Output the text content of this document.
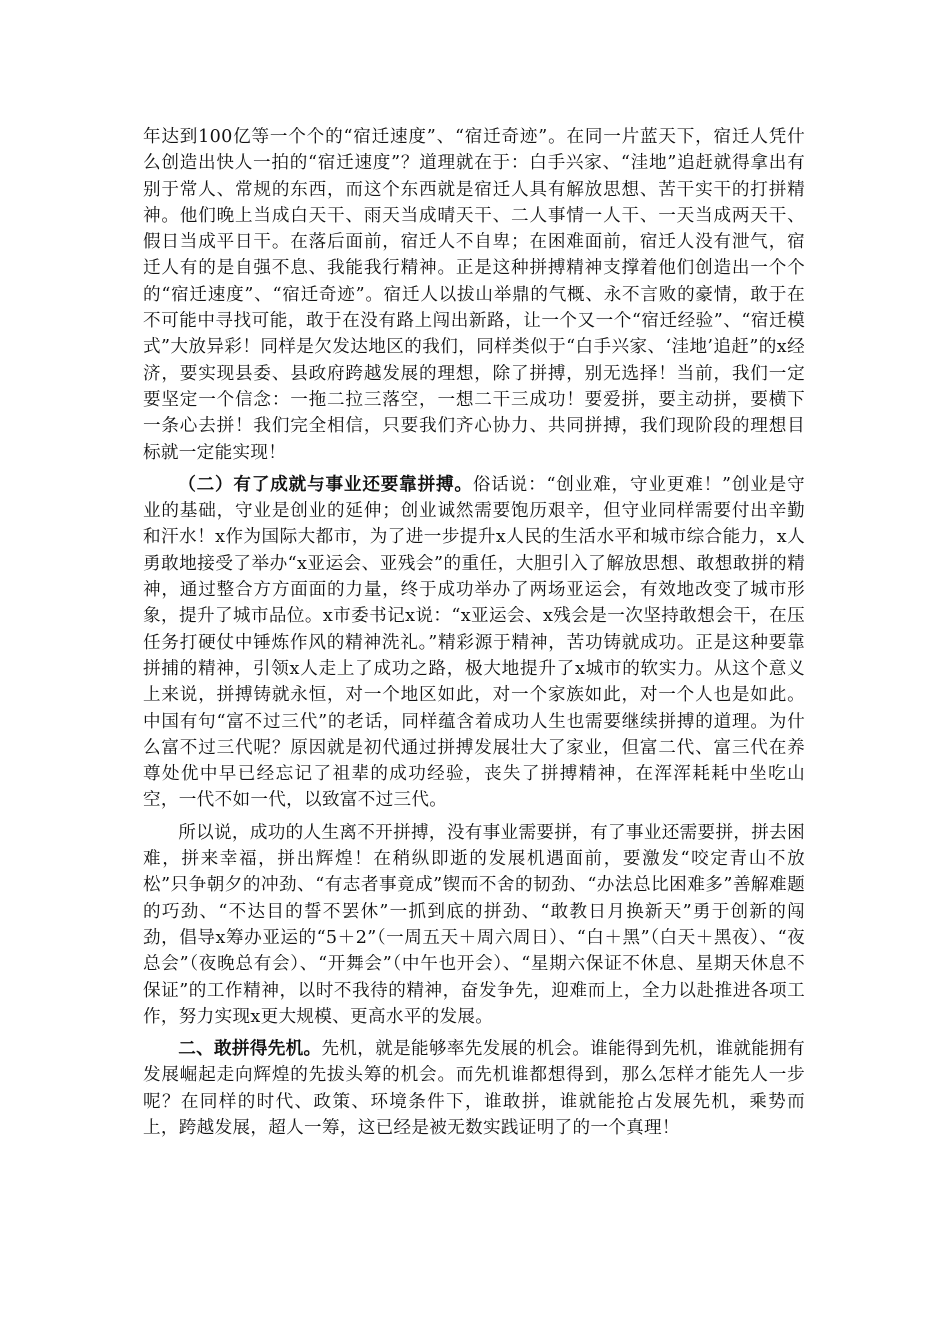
年达到100亿等一个个的“宿迁速度”、“宿迁奇迹”。在同一片蓝天下，宿迁人凭什么创造出快人一拍的“宿迁速度”？道理就在于：白手兴家、“洼地”追赶就得拿出有别于常人、常规的东西，而这个东西就是宿迁人具有解放思想、苦干实干的打拼精神。他们晚上当成白天干、雨天当成晴天干、二人事情一人干、一天当成两天干、假日当成平日干。在落后面前，宿迁人不自卑；在困难面前，宿迁人没有泄气，宿迁人有的是自强不息、我能我行精神。正是这种拼搏精神支撑着他们创造出一个个的“宿迁速度”、“宿迁奇迹”。宿迁人以拔山举鼎的气概、永不言败的豪情，敢于在不可能中寻找可能，敢于在没有路上闯出新路，让一个又一个“宿迁经验”、“宿迁模式”大放异彩！同样是欠发达地区的我们，同样类似于“白手兴家、‘洼地’追赶”的x经济，要实现县委、县政府跨越发展的理想，除了拼搏，别无选择！当前，我们一定要坚定一个信念：一拖二拉三落空，一想二干三成功！要爱拼，要主动拼，要横下一条心去拼！我们完全相信，只要我们齐心协力、共同拼搏，我们现阶段的理想目标就一定能实现！

（二）有了成就与事业还要靠拼搏。俗话说：“创业难，守业更难！”创业是守业的基础，守业是创业的延伸；创业诚然需要饱历艰辛，但守业同样需要付出辛勤和汗水！x作为国际大都市，为了进一步提升x人民的生活水平和城市综合能力，x人勇敢地接受了举办“x亚运会、亚残会”的重任，大胆引入了解放思想、敢想敢拼的精神，通过整合方方面面的力量，终于成功举办了两场亚运会，有效地改变了城市形象，提升了城市品位。x市委书记x说：“x亚运会、x残会是一次坚持敢想会干，在压任务打硬仗中锤炼作风的精神洗礼。”精彩源于精神，苦功铸就成功。正是这种要靠拼捕的精神，引领x人走上了成功之路，极大地提升了x城市的软实力。从这个意义上来说，拼搏铸就永恒，对一个地区如此，对一个家族如此，对一个人也是如此。中国有句“富不过三代”的老话，同样蕴含着成功人生也需要继续拼搏的道理。为什么富不过三代呢？原因就是初代通过拼搏发展壮大了家业，但富二代、富三代在养尊处优中早已经忘记了祖辈的成功经验，丧失了拼搏精神，在浑浑耗耗中坐吃山空，一代不如一代，以致富不过三代。

所以说，成功的人生离不开拼搏，没有事业需要拼，有了事业还需要拼，拼去困难，拼来幸福，拼出辉煌！在稍纵即逝的发展机遇面前，要激发“咬定青山不放松”只争朝夕的冲劲、“有志者事竟成”锲而不舍的韧劲、“办法总比困难多”善解难题的巧劲、“不达目的誓不罢休”一抓到底的拼劲、“敢教日月换新天”勇于创新的闯劲，倡导x筹办亚运的“5＋2”（一周五天＋周六周日）、“白＋黑”（白天＋黑夜）、“夜总会”（夜晚总有会）、“开舞会”（中午也开会）、“星期六保证不休息、星期天休息不保证”的工作精神，以时不我待的精神，奋发争先，迎难而上，全力以赴推进各项工作，努力实现x更大规模、更高水平的发展。

二、敢拼得先机。先机，就是能够率先发展的机会。谁能得到先机，谁就能拥有发展崛起走向辉煌的先拔头筹的机会。而先机谁都想得到，那么怎样才能先人一步呢？在同样的时代、政策、环境条件下，谁敢拼，谁就能抢占发展先机，乘势而上，跨越发展，超人一筹，这已经是被无数实践证明了的一个真理！
